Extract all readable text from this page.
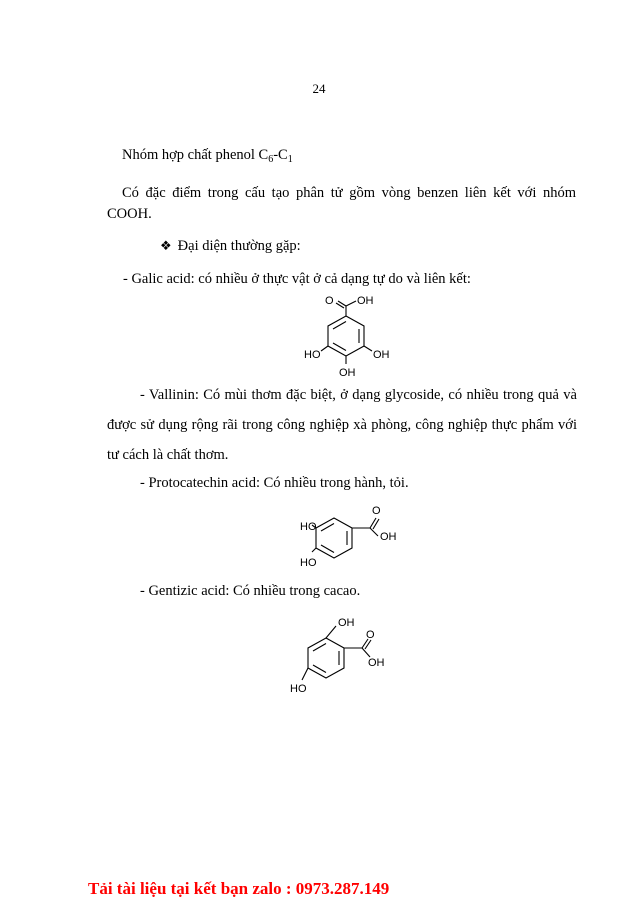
24
Nhóm hợp chất phenol $C_6-C_1$
Có đặc điểm trong cấu tạo phân tử gồm vòng benzen liên kết với nhóm
COOH.
❖ Đại diện thường gặp:
- Galic acid: có nhiều ở thực vật ở cả dạng tự do và liên kết:
O OH
HO	OH
OH
- Vallinin: Có mùi thơm đặc biệt, ở dạng glycoside, có nhiều trong quả và
được sử dụng rộng rãi trong công nghiệp xà phòng, công nghiệp thực phẩm với
tư cách là chất thơm.
- Protocatechin acid: Có nhiều trong hành, tỏi.
O
OH
HO
HO
- Gentizic acid: Có nhiều trong cacao.
OH
O
OH
HO
Tải tài liệu tại kết bạn zalo : 0973.287.149
